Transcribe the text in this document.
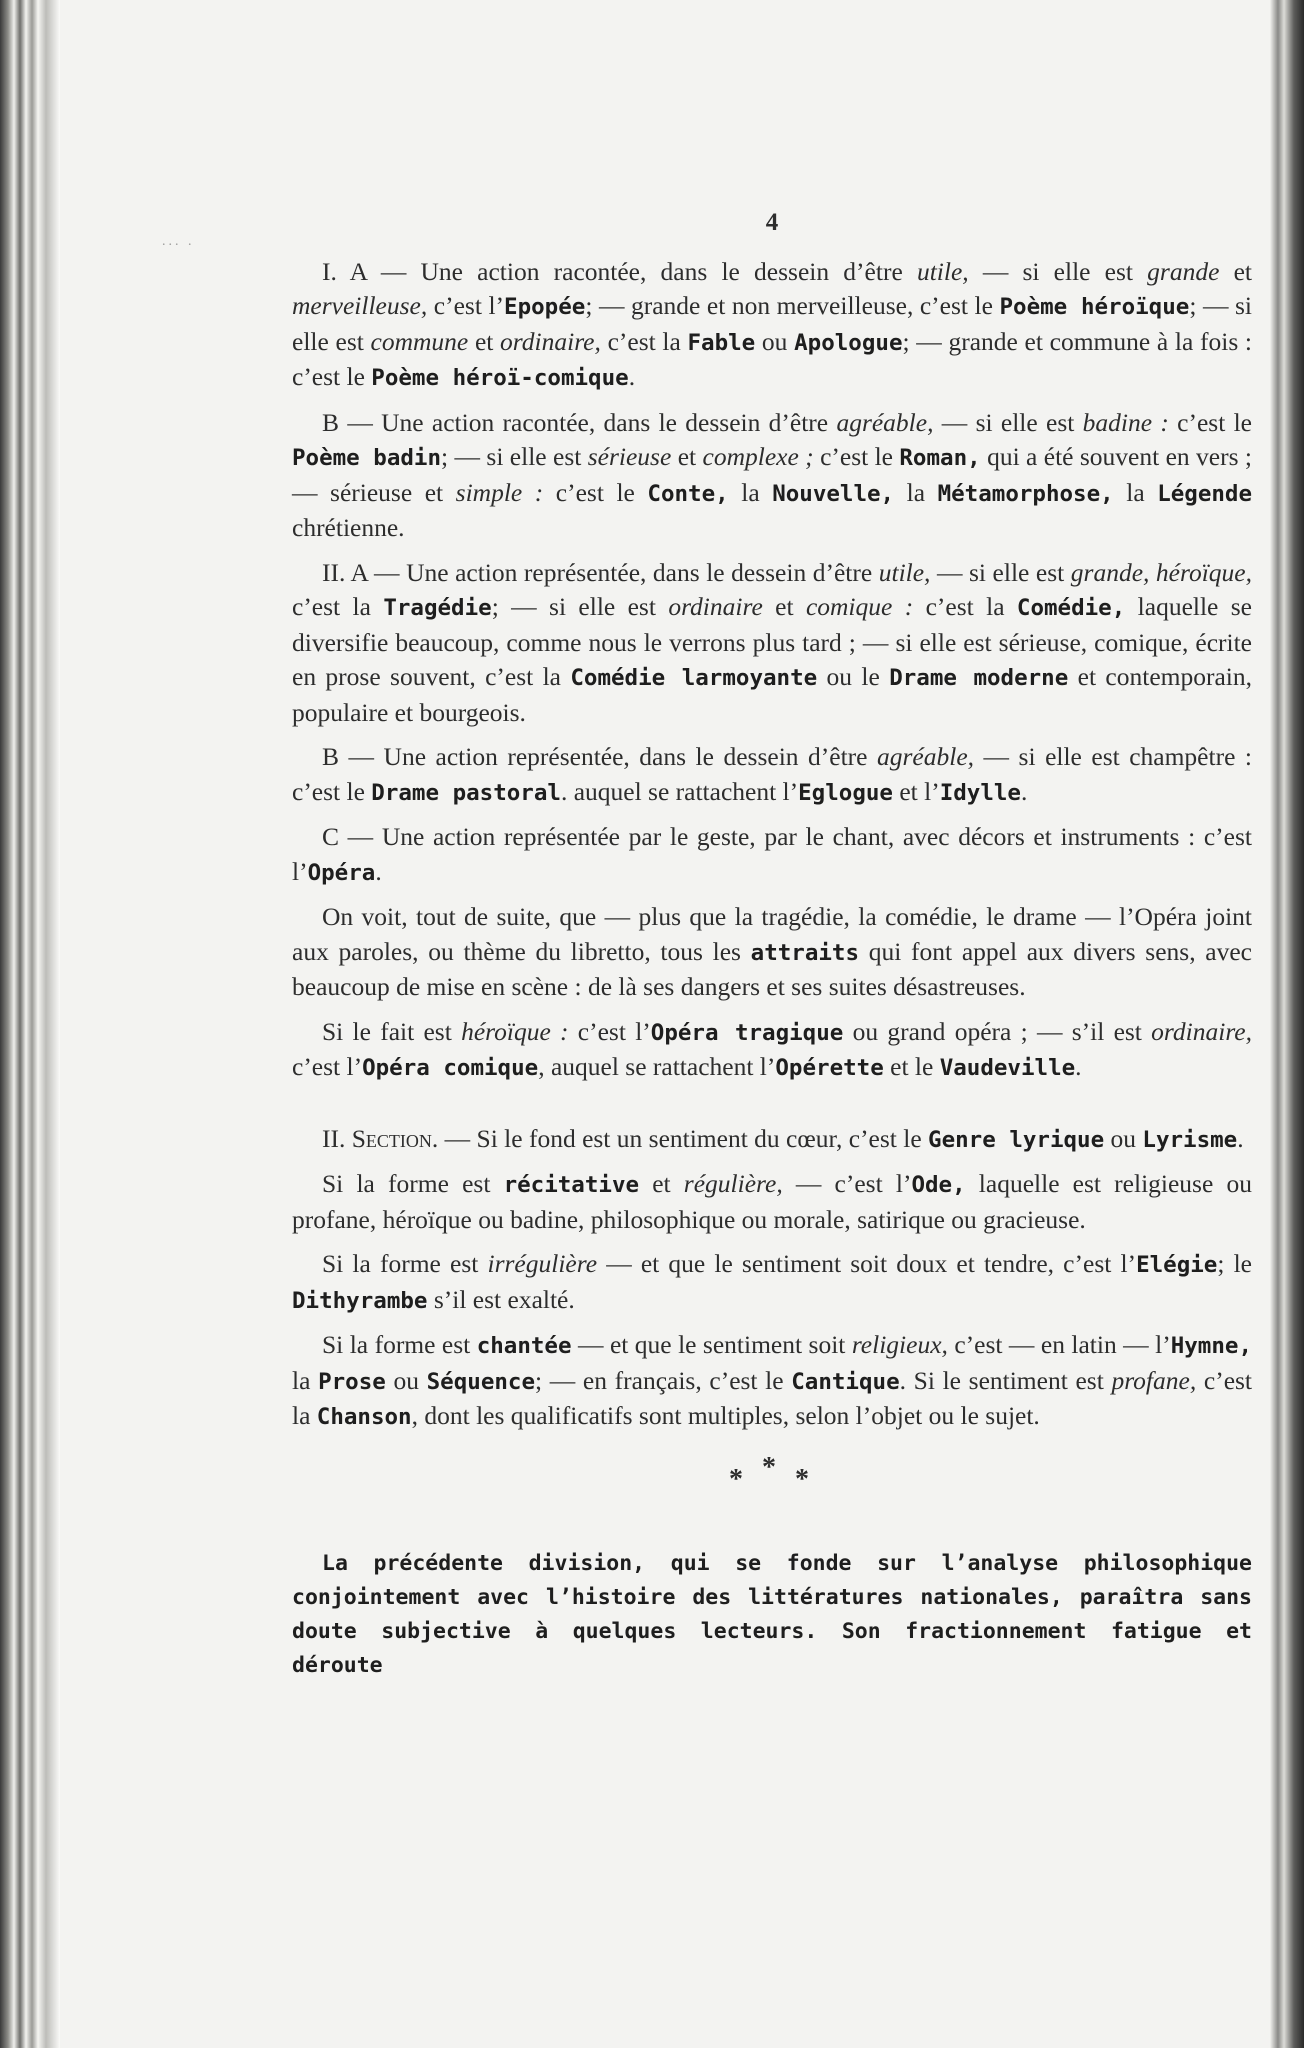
... .
4

I. A — Une action racontée, dans le dessein d’être utile, — si elle est grande et merveilleuse, c’est l’Epopée; — grande et non merveilleuse, c’est le Poème héroïque; — si elle est commune et ordinaire, c’est la Fable ou Apologue; — grande et commune à la fois : c’est le Poème héroï-comique.

B — Une action racontée, dans le dessein d’être agréable, — si elle est badine : c’est le Poème badin; — si elle est sérieuse et complexe ; c’est le Roman, qui a été souvent en vers ; — sérieuse et simple : c’est le Conte, la Nouvelle, la Métamorphose, la Légende chrétienne.

II. A — Une action représentée, dans le dessein d’être utile, — si elle est grande, héroïque, c’est la Tragédie; — si elle est ordinaire et comique : c’est la Comédie, laquelle se diversifie beaucoup, comme nous le verrons plus tard ; — si elle est sérieuse, comique, écrite en prose souvent, c’est la Comédie larmoyante ou le Drame moderne et contemporain, populaire et bourgeois.

B — Une action représentée, dans le dessein d’être agréable, — si elle est champêtre : c’est le Drame pastoral. auquel se rattachent l’Eglogue et l’Idylle.

C — Une action représentée par le geste, par le chant, avec décors et instruments : c’est l’Opéra.

On voit, tout de suite, que — plus que la tragédie, la comédie, le drame — l’Opéra joint aux paroles, ou thème du libretto, tous les attraits qui font appel aux divers sens, avec beaucoup de mise en scène : de là ses dangers et ses suites désastreuses.

Si le fait est héroïque : c’est l’Opéra tragique ou grand opéra ; — s’il est ordinaire, c’est l’Opéra comique, auquel se rattachent l’Opérette et le Vaudeville.

II. Section. — Si le fond est un sentiment du cœur, c’est le Genre lyrique ou Lyrisme.

Si la forme est récitative et régulière, — c’est l’Ode, laquelle est religieuse ou profane, héroïque ou badine, philosophique ou morale, satirique ou gracieuse.

Si la forme est irrégulière — et que le sentiment soit doux et tendre, c’est l’Elégie; le Dithyrambe s’il est exalté.

Si la forme est chantée — et que le sentiment soit religieux, c’est — en latin — l’Hymne, la Prose ou Séquence; — en français, c’est le Cantique. Si le sentiment est profane, c’est la Chanson, dont les qualificatifs sont multiples, selon l’objet ou le sujet.

* * *

La précédente division, qui se fonde sur l’analyse philosophique conjointement avec l’histoire des littératures nationales, paraîtra sans doute subjective à quelques lecteurs. Son fractionnement fatigue et déroute
